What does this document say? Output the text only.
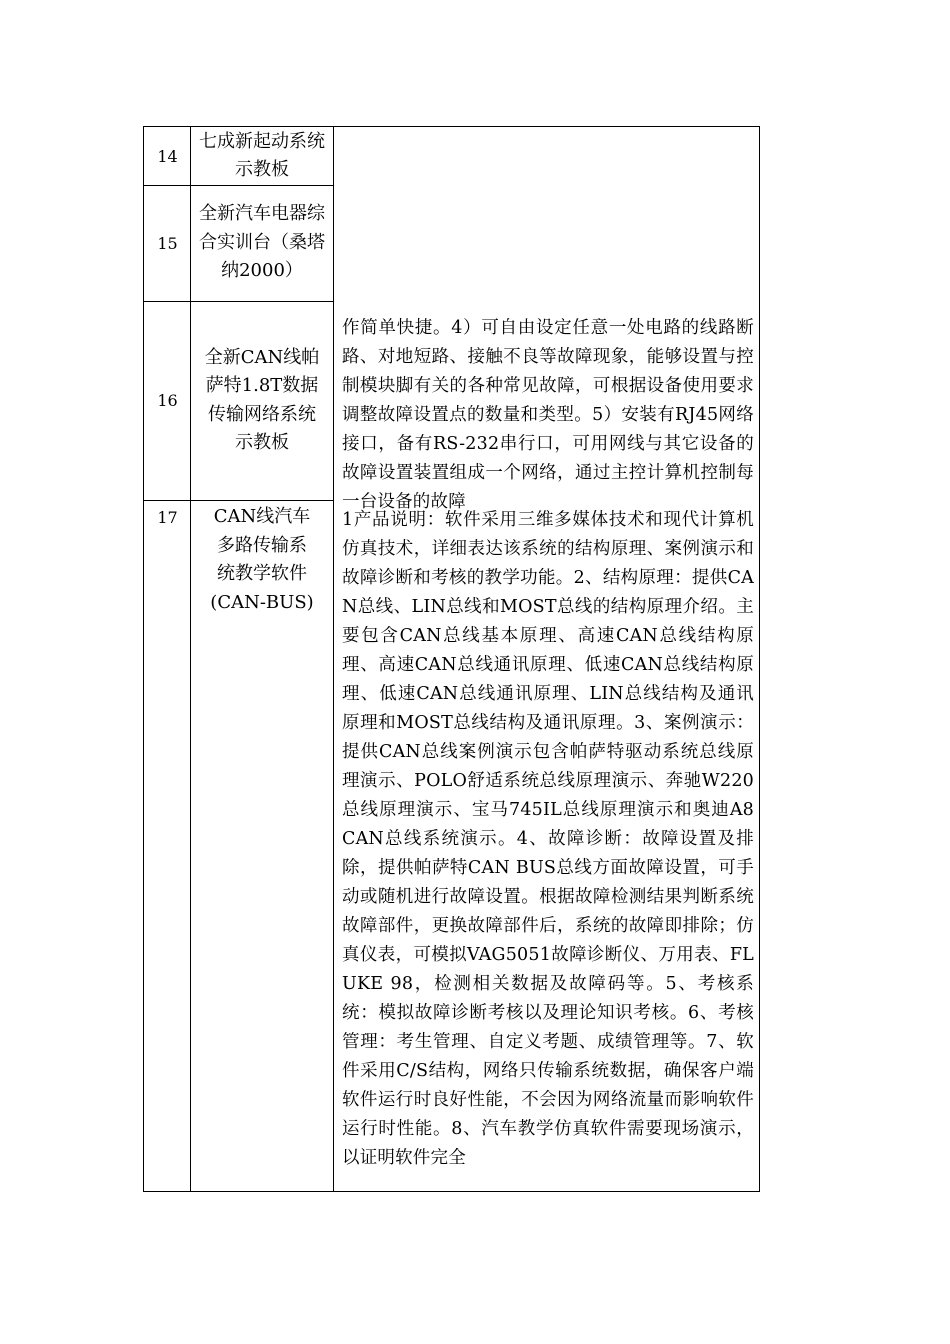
14
七成新起动系统示教板
15
全新汽车电器综合实训台（桑塔纳2000）
16
全新CAN线帕萨特1.8T数据传输网络系统示教板
17	CAN线汽车多路传输系统教学软件(CAN-BUS)
作简单快捷。4）可自由设定任意一处电路的线路断路、对地短路、接触不良等故障现象，能够设置与控制模块脚有关的各种常见故障，可根据设备使用要求调整故障设置点的数量和类型。5）安装有RJ45网络接口，备有RS-232串行口，可用网线与其它设备的故障设置装置组成一个网络，通过主控计算机控制每一台设备的故障
1产品说明：软件采用三维多媒体技术和现代计算机仿真技术，详细表达该系统的结构原理、案例演示和故障诊断和考核的教学功能。2、结构原理：提供CAN总线、LIN总线和MOST总线的结构原理介绍。主要包含CAN总线基本原理、高速CAN总线结构原理、高速CAN总线通讯原理、低速CAN总线结构原理、低速CAN总线通讯原理、LIN总线结构及通讯原理和MOST总线结构及通讯原理。3、案例演示：提供CAN总线案例演示包含帕萨特驱动系统总线原理演示、POLO舒适系统总线原理演示、奔驰W220总线原理演示、宝马745IL总线原理演示和奥迪A8 CAN总线系统演示。4、故障诊断：故障设置及排除，提供帕萨特CAN BUS总线方面故障设置，可手动或随机进行故障设置。根据故障检测结果判断系统故障部件，更换故障部件后，系统的故障即排除；仿真仪表，可模拟VAG5051故障诊断仪、万用表、FLUKE 98，检测相关数据及故障码等。5、考核系统：模拟故障诊断考核以及理论知识考核。6、考核管理：考生管理、自定义考题、成绩管理等。7、软件采用C/S结构，网络只传输系统数据，确保客户端软件运行时良好性能，不会因为网络流量而影响软件运行时性能。8、汽车教学仿真软件需要现场演示，以证明软件完全
